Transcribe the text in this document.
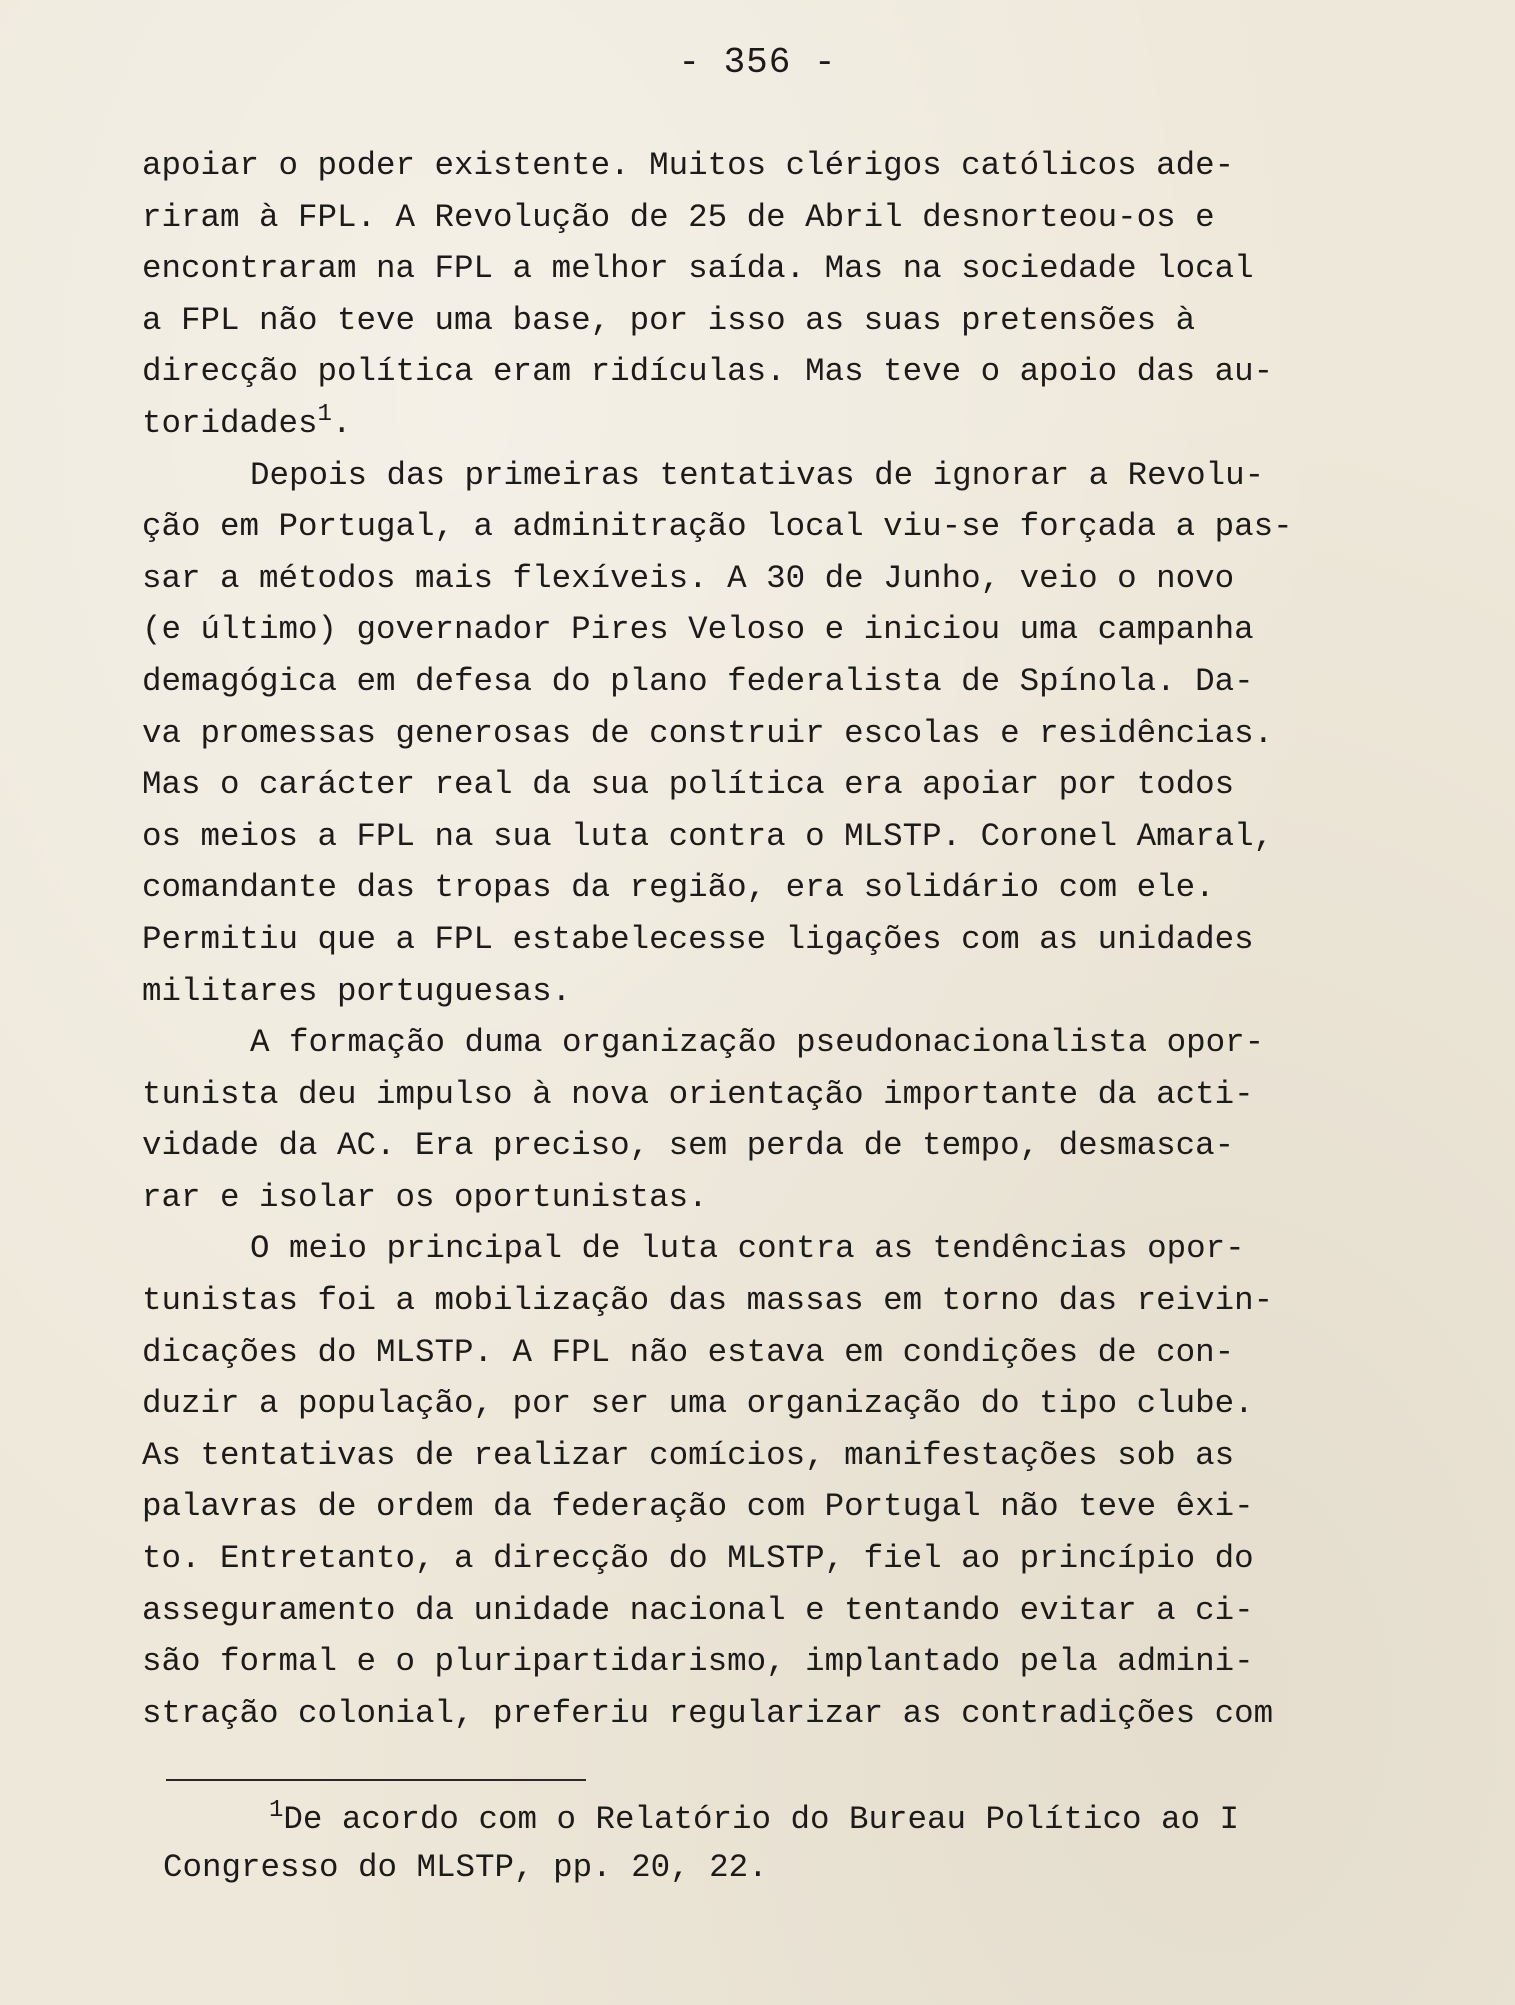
- 356 -
apoiar o poder existente. Muitos clérigos católicos ade-
riram à FPL. A Revolução de 25 de Abril desnorteou-os e
encontraram na FPL a melhor saída. Mas na sociedade local
a FPL não teve uma base, por isso as suas pretensões à
direcção política eram ridículas. Mas teve o apoio das au-
toridades1.
Depois das primeiras tentativas de ignorar a Revolu-
ção em Portugal, a adminitração local viu-se forçada a pas-
sar a métodos mais flexíveis. A 30 de Junho, veio o novo
(e último) governador Pires Veloso e iniciou uma campanha
demagógica em defesa do plano federalista de Spínola. Da-
va promessas generosas de construir escolas e residências.
Mas o carácter real da sua política era apoiar por todos
os meios a FPL na sua luta contra o MLSTP. Coronel Amaral,
comandante das tropas da região, era solidário com ele.
Permitiu que a FPL estabelecesse ligações com as unidades
militares portuguesas.
A formação duma organização pseudonacionalista opor-
tunista deu impulso à nova orientação importante da acti-
vidade da AC. Era preciso, sem perda de tempo, desmasca-
rar e isolar os oportunistas.
O meio principal de luta contra as tendências opor-
tunistas foi a mobilização das massas em torno das reivin-
dicações do MLSTP. A FPL não estava em condições de con-
duzir a população, por ser uma organização do tipo clube.
As tentativas de realizar comícios, manifestações sob as
palavras de ordem da federação com Portugal não teve êxi-
to. Entretanto, a direcção do MLSTP, fiel ao princípio do
asseguramento da unidade nacional e tentando evitar a ci-
são formal e o pluripartidarismo, implantado pela admini-
stração colonial, preferiu regularizar as contradições com
1De acordo com o Relatório do Bureau Político ao I
Congresso do MLSTP, pp. 20, 22.
